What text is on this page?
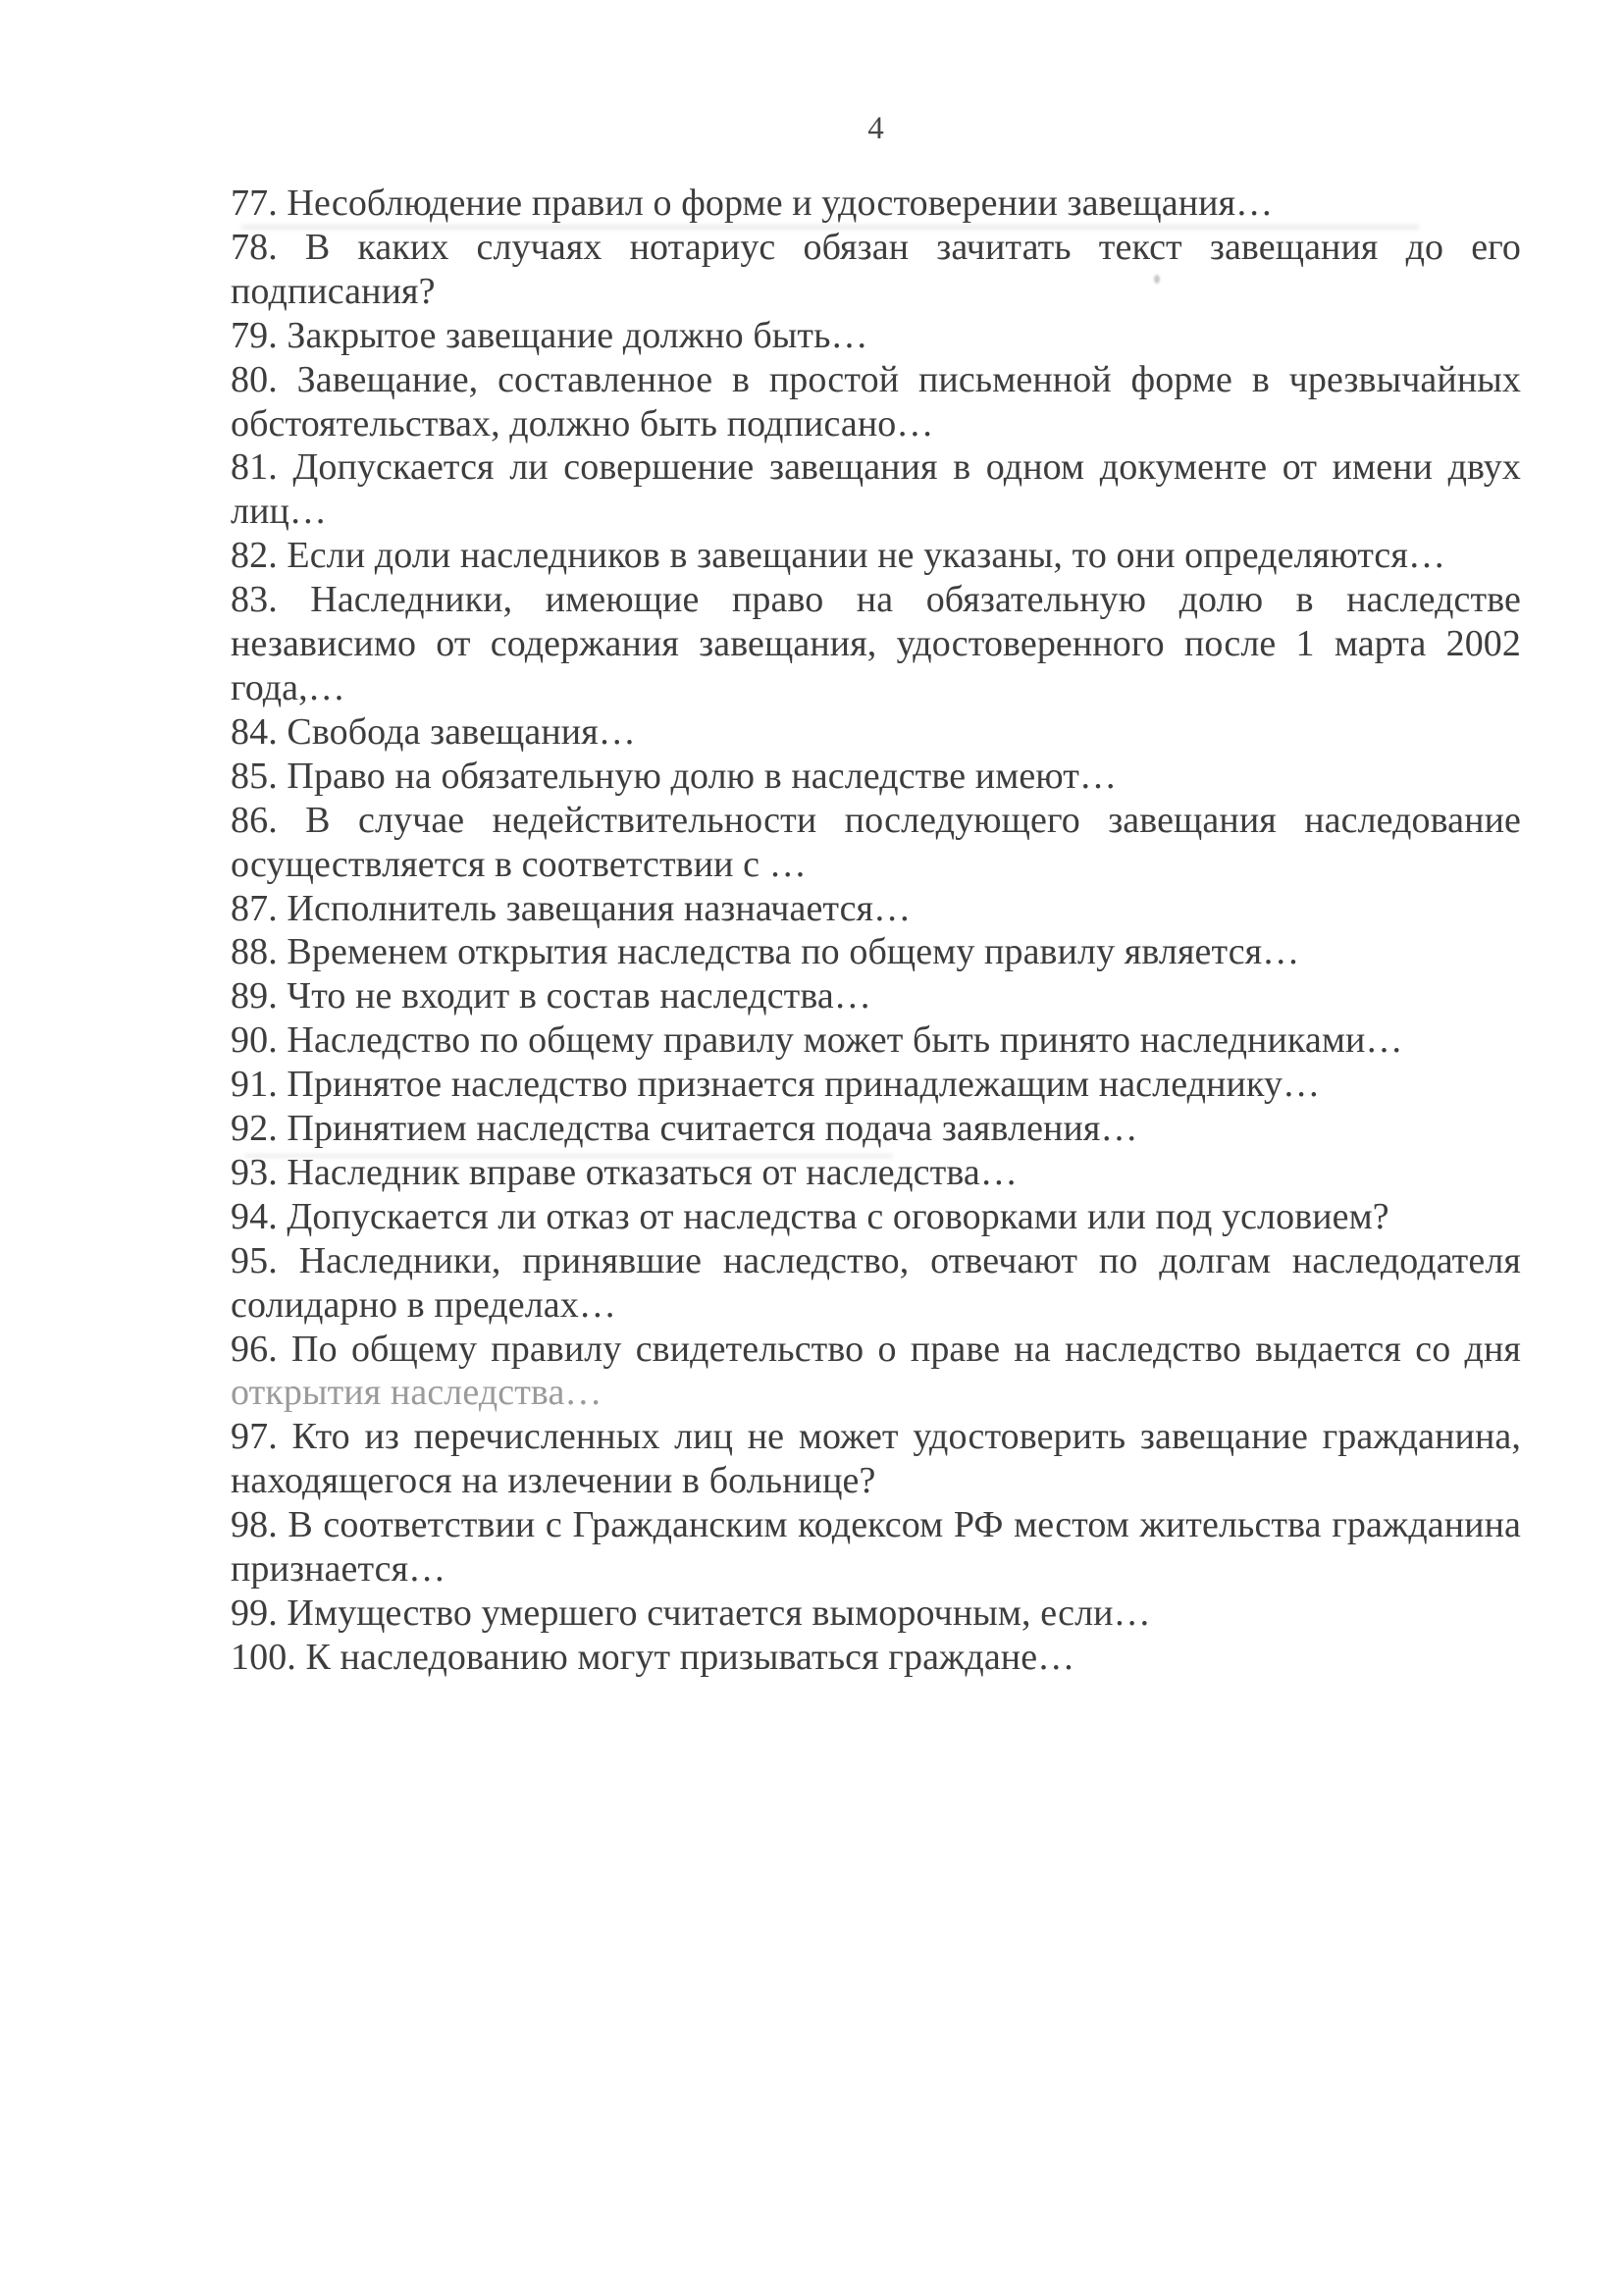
4
77. Несоблюдение правил о форме и удостоверении завещания…
78. В каких случаях нотариус обязан зачитать текст завещания до его
подписания?
79. Закрытое завещание должно быть…
80. Завещание, составленное в простой письменной форме в чрезвычайных
обстоятельствах, должно быть подписано…
81. Допускается ли совершение завещания в одном документе от имени двух
лиц…
82. Если доли наследников в завещании не указаны, то они определяются…
83. Наследники, имеющие право на обязательную долю в наследстве
независимо от содержания завещания, удостоверенного после 1 марта 2002
года,…
84. Свобода завещания…
85. Право на обязательную долю в наследстве имеют…
86. В случае недействительности последующего завещания наследование
осуществляется в соответствии с …
87. Исполнитель завещания назначается…
88. Временем открытия наследства по общему правилу является…
89. Что не входит в состав наследства…
90. Наследство по общему правилу может быть принято наследниками…
91. Принятое наследство признается принадлежащим наследнику…
92. Принятием наследства считается подача заявления…
93. Наследник вправе отказаться от наследства…
94. Допускается ли отказ от наследства с оговорками или под условием?
95. Наследники, принявшие наследство, отвечают по долгам наследодателя
солидарно в пределах…
96. По общему правилу свидетельство о праве на наследство выдается со дня
открытия наследства…
97. Кто из перечисленных лиц не может удостоверить завещание гражданина,
находящегося на излечении в больнице?
98. В соответствии с Гражданским кодексом РФ местом жительства гражданина
признается…
99. Имущество умершего считается выморочным, если…
100. К наследованию могут призываться граждане…
